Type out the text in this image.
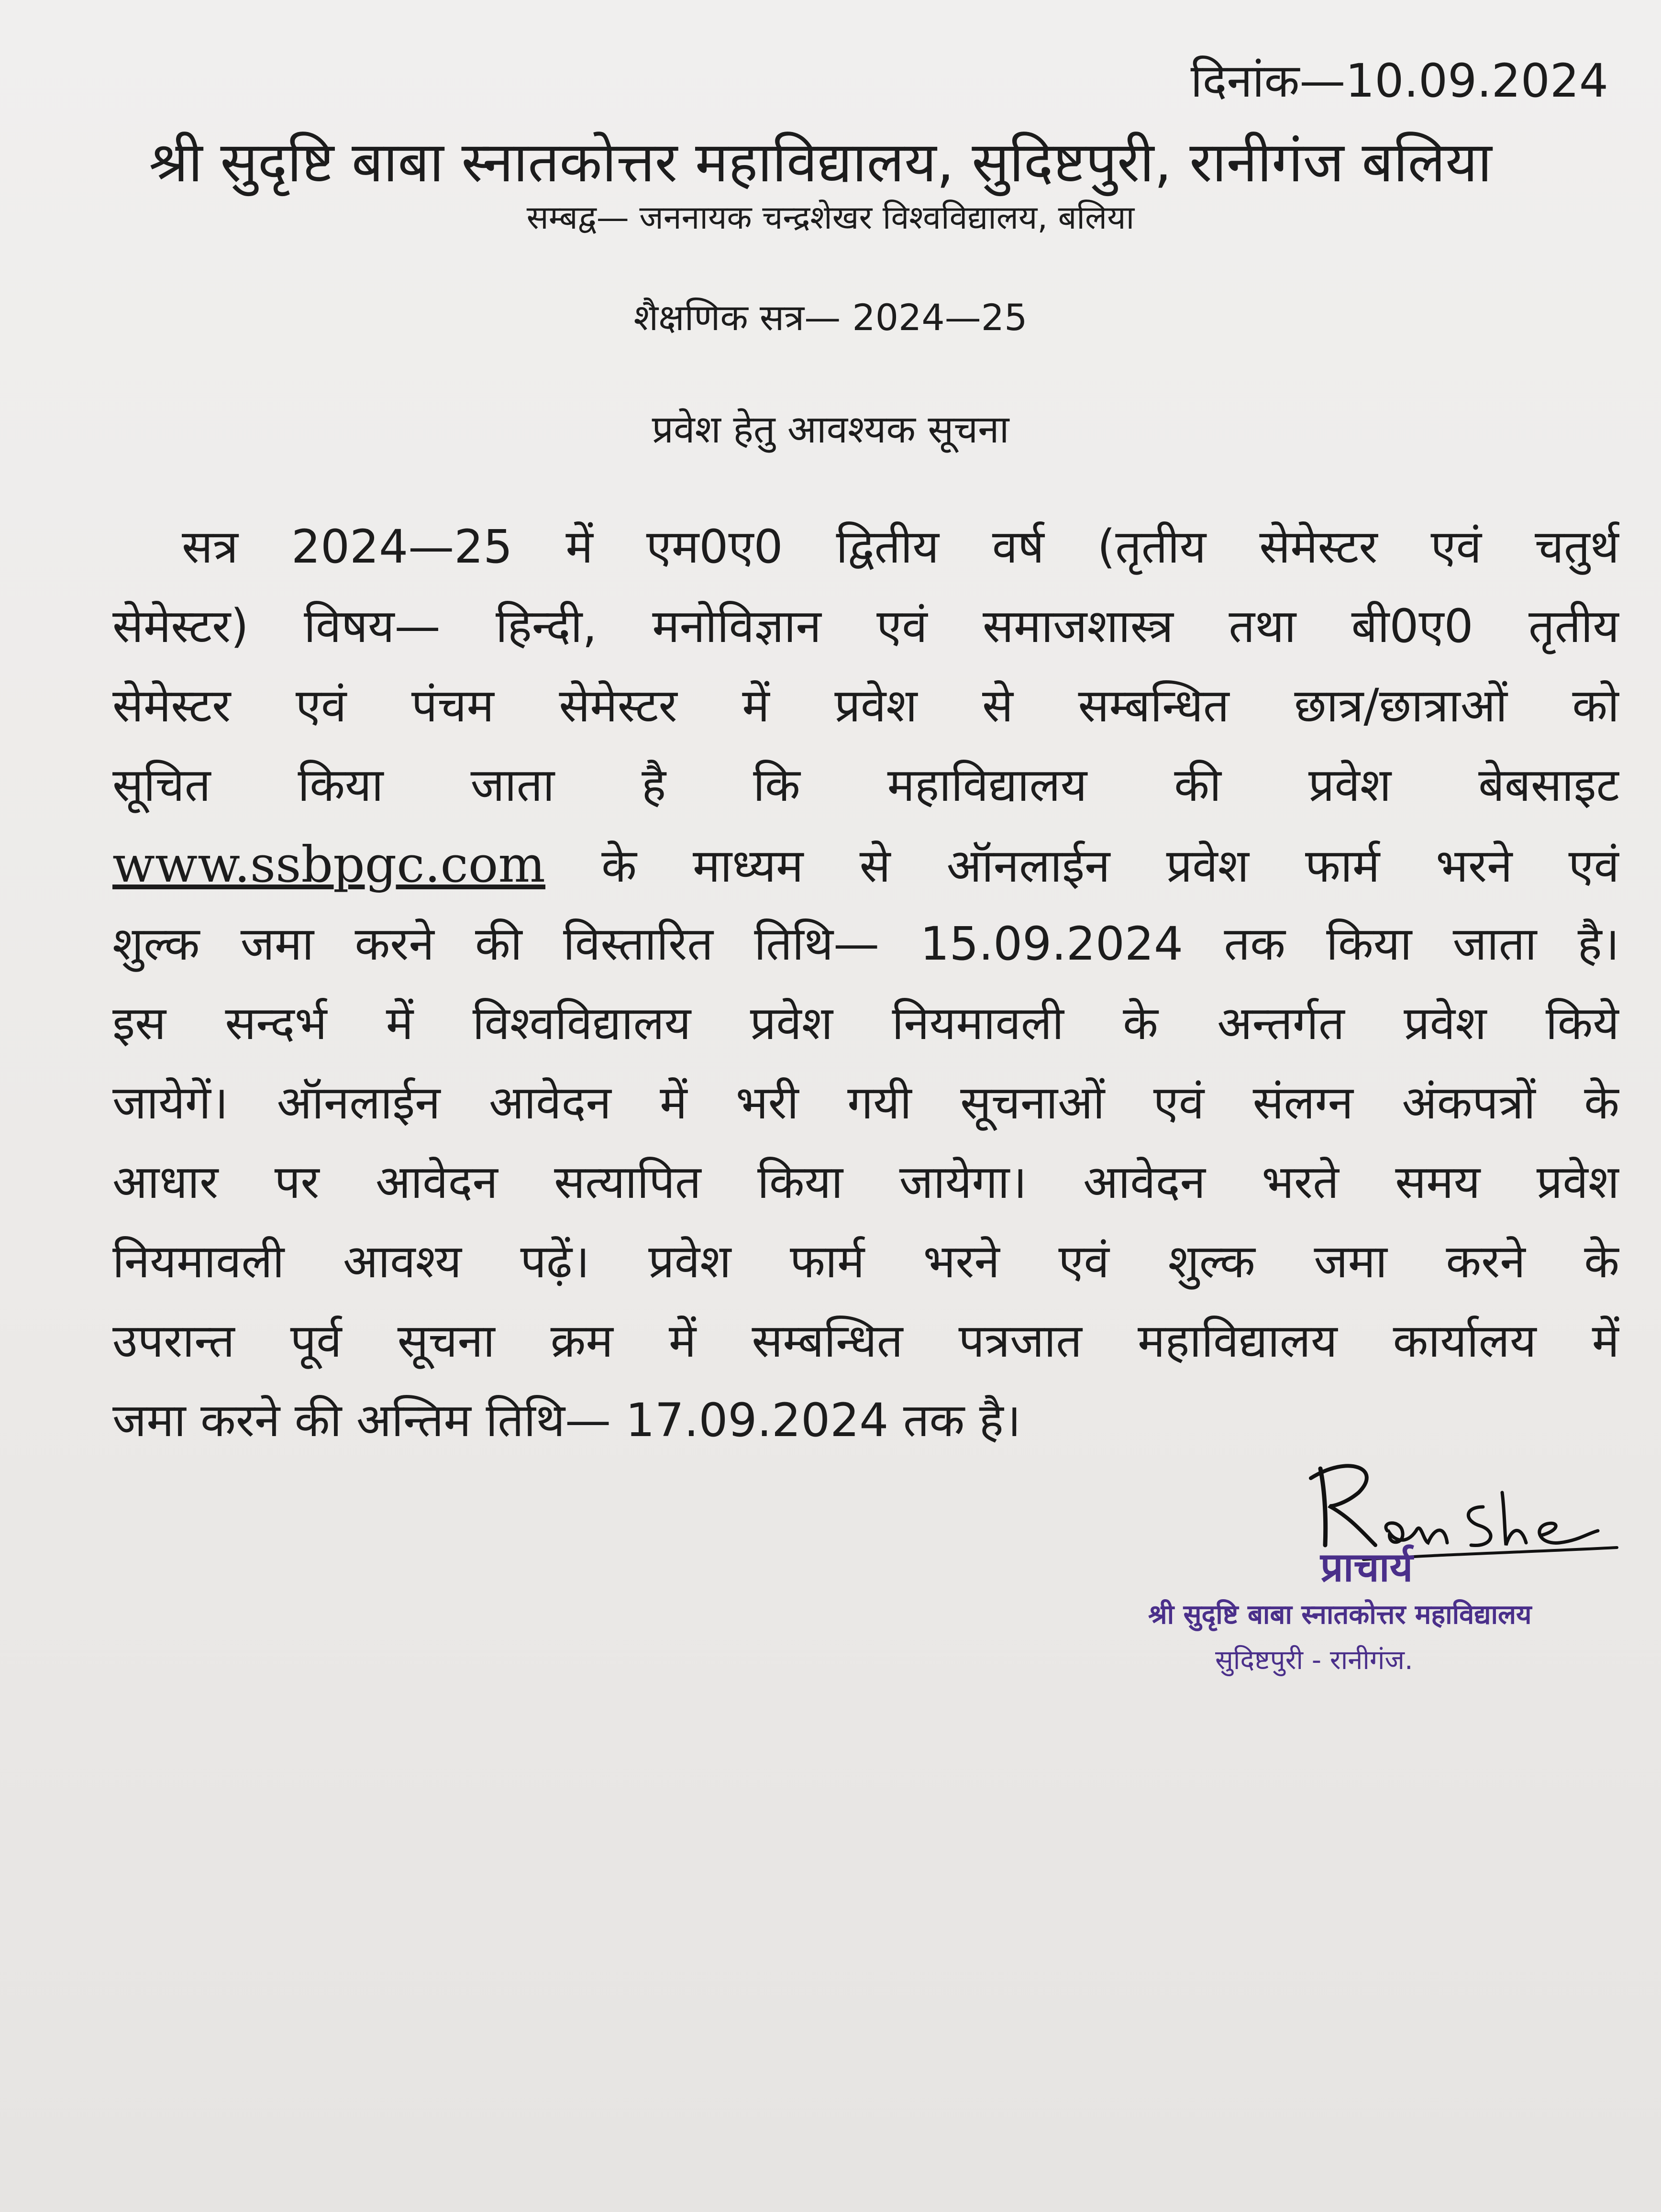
दिनांक—10.09.2024
श्री सुदृष्टि बाबा स्नातकोत्तर महाविद्यालय, सुदिष्टपुरी, रानीगंज बलिया
सम्बद्व— जननायक चन्द्रशेखर विश्वविद्यालय, बलिया
शैक्षणिक सत्र— 2024—25
प्रवेश हेतु आवश्यक सूचना
सत्र 2024—25 में एम0ए0 द्वितीय वर्ष (तृतीय सेमेस्टर एवं चतुर्थ
सेमेस्टर) विषय— हिन्दी, मनोविज्ञान एवं समाजशास्त्र तथा बी0ए0 तृतीय
सेमेस्टर एवं पंचम सेमेस्टर में प्रवेश से सम्बन्धित छात्र/छात्राओं को
सूचित किया जाता है कि महाविद्यालय की प्रवेश बेबसाइट
www.ssbpgc.com के माध्यम से ऑनलाईन प्रवेश फार्म भरने एवं
शुल्क जमा करने की विस्तारित तिथि— 15.09.2024 तक किया जाता है।
इस सन्दर्भ में विश्वविद्यालय प्रवेश नियमावली के अन्तर्गत प्रवेश किये
जायेगें। ऑनलाईन आवेदन में भरी गयी सूचनाओं एवं संलग्न अंकपत्रों के
आधार पर आवेदन सत्यापित किया जायेगा। आवेदन भरते समय प्रवेश
नियमावली आवश्य पढ़ें। प्रवेश फार्म भरने एवं शुल्क जमा करने के
उपरान्त पूर्व सूचना क्रम में सम्बन्धित पत्रजात महाविद्यालय कार्यालय में
जमा करने की अन्तिम तिथि— 17.09.2024 तक है।
प्राचार्य
श्री सुदृष्टि बाबा स्नातकोत्तर महाविद्यालय
सुदिष्टपुरी - रानीगंज.
